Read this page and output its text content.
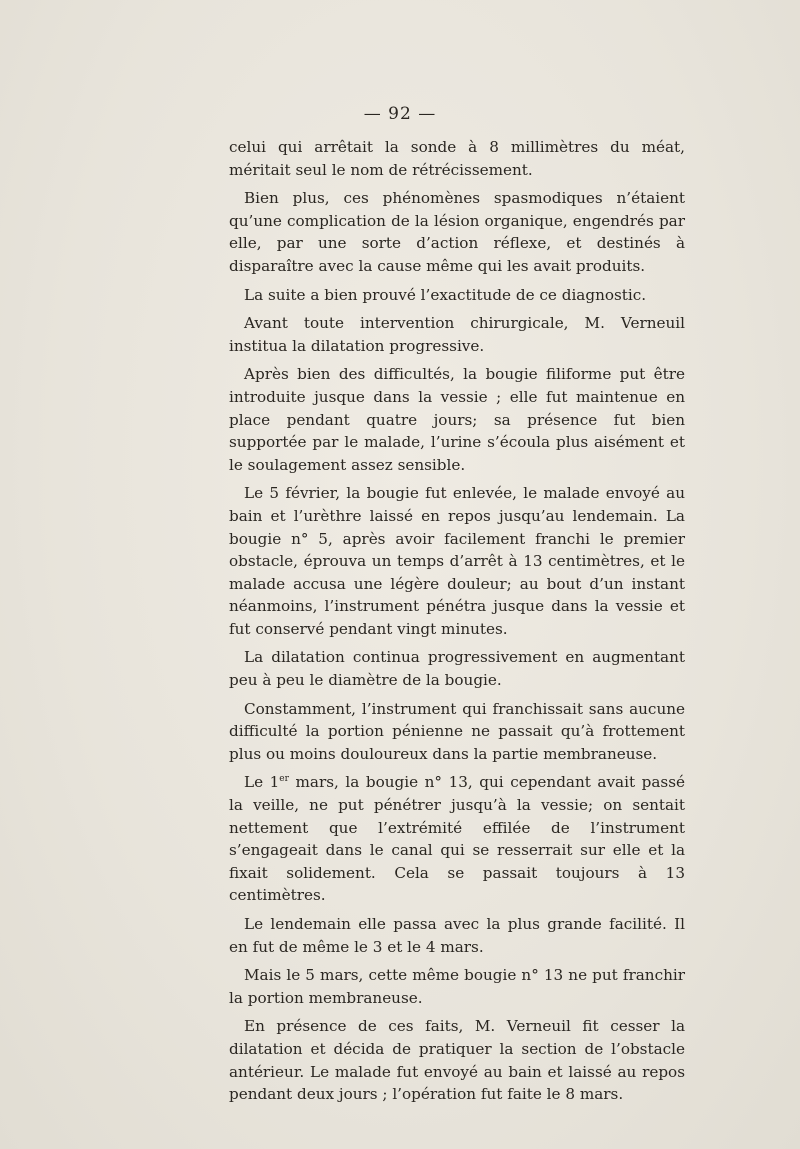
— 92 —

celui qui arrêtait la sonde à 8 millimètres du méat, méritait seul le nom de rétrécissement.

Bien plus, ces phénomènes spasmodiques n’étaient qu’une complication de la lésion organique, engendrés par elle, par une sorte d’action réflexe, et destinés à disparaître avec la cause même qui les avait produits.

La suite a bien prouvé l’exactitude de ce diagnostic.

Avant toute intervention chirurgicale, M. Verneuil institua la dilatation progressive.

Après bien des difficultés, la bougie filiforme put être introduite jusque dans la vessie ; elle fut maintenue en place pendant quatre jours; sa présence fut bien supportée par le malade, l’urine s’écoula plus aisément et le soulagement assez sensible.

Le 5 février, la bougie fut enlevée, le malade envoyé au bain et l’urèthre laissé en repos jusqu’au lendemain. La bougie n° 5, après avoir facilement franchi le premier obstacle, éprouva un temps d’arrêt à 13 centimètres, et le malade accusa une légère douleur; au bout d’un instant néanmoins, l’instrument pénétra jusque dans la vessie et fut conservé pendant vingt minutes.

La dilatation continua progressivement en augmentant peu à peu le diamètre de la bougie.

Constamment, l’instrument qui franchissait sans aucune difficulté la portion pénienne ne passait qu’à frottement plus ou moins douloureux dans la partie membraneuse.

Le 1er mars, la bougie n° 13, qui cependant avait passé la veille, ne put pénétrer jusqu’à la vessie; on sentait nettement que l’extrémité effilée de l’instrument s’engageait dans le canal qui se resserrait sur elle et la fixait solidement. Cela se passait toujours à 13 centimètres.

Le lendemain elle passa avec la plus grande facilité. Il en fut de même le 3 et le 4 mars.

Mais le 5 mars, cette même bougie n° 13 ne put franchir la portion membraneuse.

En présence de ces faits, M. Verneuil fit cesser la dilatation et décida de pratiquer la section de l’obstacle antérieur. Le malade fut envoyé au bain et laissé au repos pendant deux jours ; l’opération fut faite le 8 mars.
